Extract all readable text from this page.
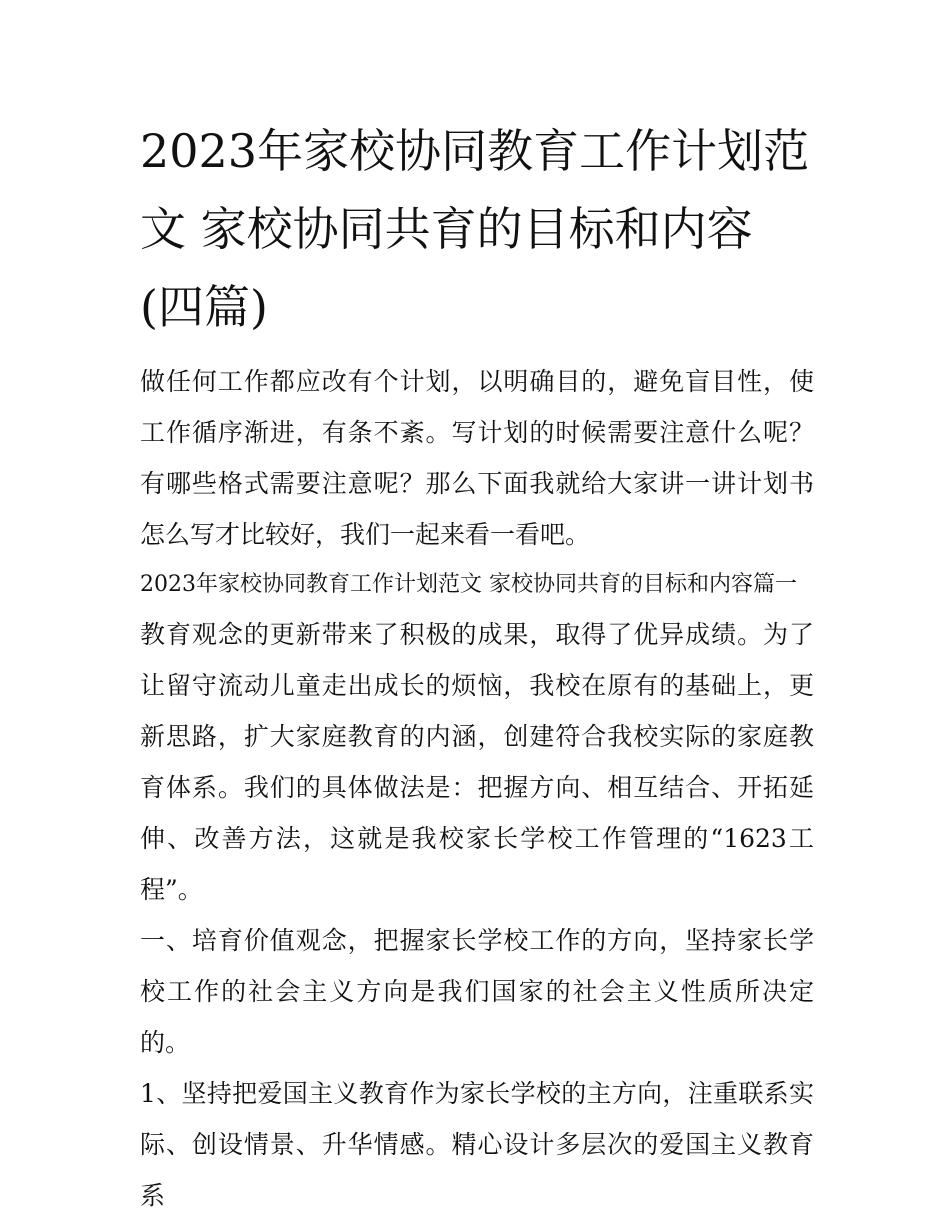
2023年家校协同教育工作计划范文 家校协同共育的目标和内容(四篇)

做任何工作都应改有个计划，以明确目的，避免盲目性，使工作循序渐进，有条不紊。写计划的时候需要注意什么呢？有哪些格式需要注意呢？那么下面我就给大家讲一讲计划书怎么写才比较好，我们一起来看一看吧。

2023年家校协同教育工作计划范文 家校协同共育的目标和内容篇一

教育观念的更新带来了积极的成果，取得了优异成绩。为了让留守流动儿童走出成长的烦恼，我校在原有的基础上，更新思路，扩大家庭教育的内涵，创建符合我校实际的家庭教育体系。我们的具体做法是：把握方向、相互结合、开拓延伸、改善方法，这就是我校家长学校工作管理的“1623工程”。

一、培育价值观念，把握家长学校工作的方向，坚持家长学校工作的社会主义方向是我们国家的社会主义性质所决定的。

1、坚持把爱国主义教育作为家长学校的主方向，注重联系实际、创设情景、升华情感。精心设计多层次的爱国主义教育系
